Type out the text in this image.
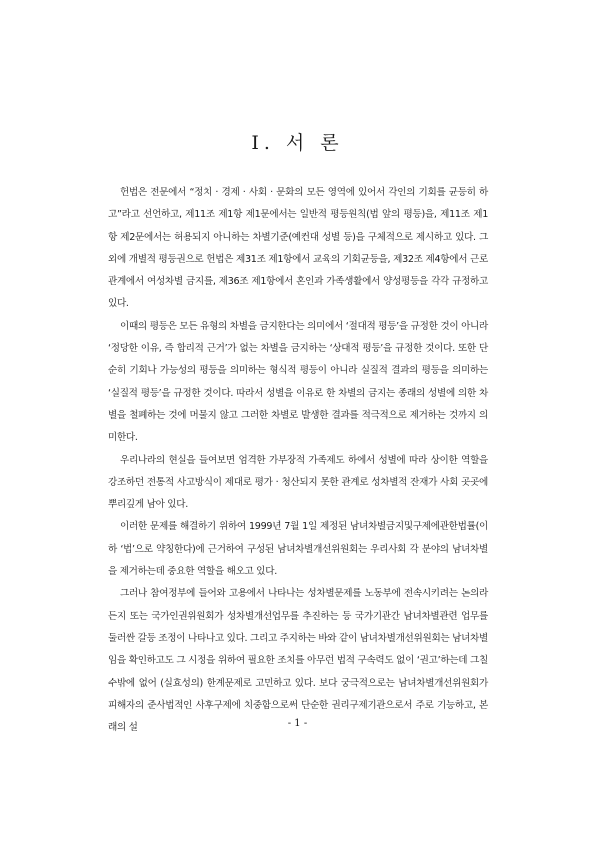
Ⅰ. 서 론

헌법은 전문에서 “정치 · 경제 · 사회 · 문화의 모든 영역에 있어서 각인의 기회를 균등히 하고”라고 선언하고, 제11조 제1항 제1문에서는 일반적 평등원칙(법 앞의 평등)을, 제11조 제1항 제2문에서는 허용되지 아니하는 차별기준(예컨대 성별 등)을 구체적으로 제시하고 있다. 그 외에 개별적 평등권으로 헌법은 제31조 제1항에서 교육의 기회균등을, 제32조 제4항에서 근로관계에서 여성차별 금지를, 제36조 제1항에서 혼인과 가족생활에서 양성평등을 각각 규정하고 있다.

이때의 평등은 모든 유형의 차별을 금지한다는 의미에서 ‘절대적 평등’을 규정한 것이 아니라 ‘정당한 이유, 즉 합리적 근거’가 없는 차별을 금지하는 ‘상대적 평등’을 규정한 것이다. 또한 단순히 기회나 가능성의 평등을 의미하는 형식적 평등이 아니라 실질적 결과의 평등을 의미하는 ‘실질적 평등’을 규정한 것이다. 따라서 성별을 이유로 한 차별의 금지는 종래의 성별에 의한 차별을 철폐하는 것에 머물지 않고 그러한 차별로 발생한 결과를 적극적으로 제거하는 것까지 의미한다.

우리나라의 현실을 들여보면 엄격한 가부장적 가족제도 하에서 성별에 따라 상이한 역할을 강조하던 전통적 사고방식이 제대로 평가 · 청산되지 못한 관계로 성차별적 잔재가 사회 곳곳에 뿌리깊게 남아 있다.

이러한 문제를 해결하기 위하여 1999년 7월 1일 제정된 남녀차별금지및구제에관한법률(이하 ‘법’으로 약칭한다)에 근거하여 구성된 남녀차별개선위원회는 우리사회 각 분야의 남녀차별을 제거하는데 중요한 역할을 해오고 있다.

그러나 참여정부에 들어와 고용에서 나타나는 성차별문제를 노동부에 전속시키려는 논의라든지 또는 국가인권위원회가 성차별개선업무를 추진하는 등 국가기관간 남녀차별관련 업무를 둘러싼 갈등 조정이 나타나고 있다. 그리고 주지하는 바와 같이 남녀차별개선위원회는 남녀차별임을 확인하고도 그 시정을 위하여 필요한 조치를 아무런 법적 구속력도 없이 ‘권고’하는데 그칠 수밖에 없어 (실효성의) 한계문제로 고민하고 있다. 보다 궁극적으로는 남녀차별개선위원회가 피해자의 준사법적인 사후구제에 치중함으로써 단순한 권리구제기관으로서 주로 기능하고, 본래의 설	- 1 -
